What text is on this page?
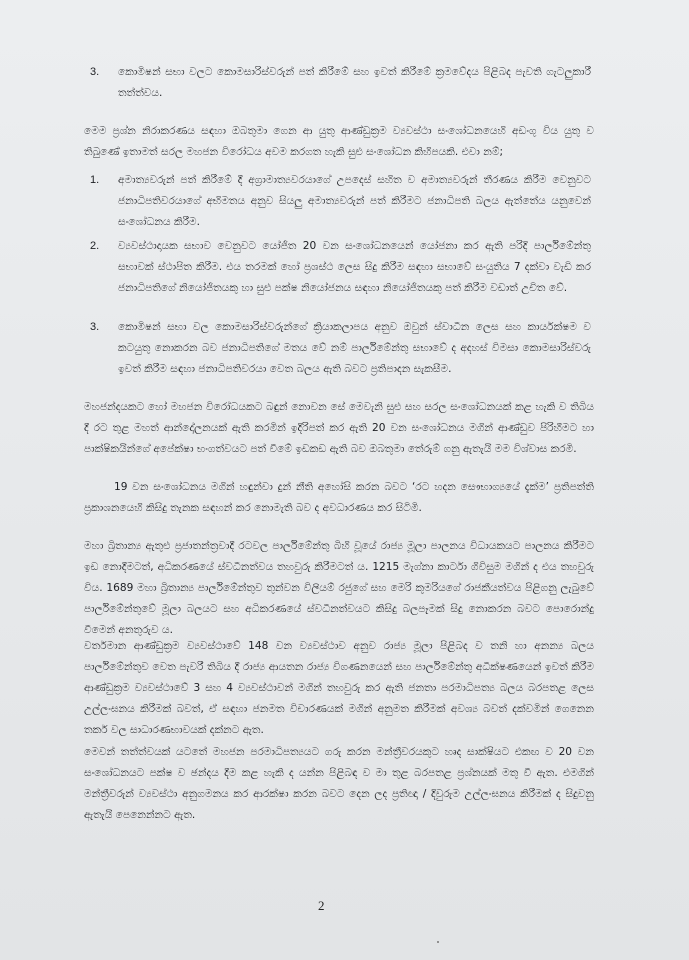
3. කොමිෂන් සභා වලට කොමසාරිස්වරුන් පත් කිරීමේ සහ ඉවත් කිරීමේ ක්‍රමවේදය පිළිබද පැවති ගැටලුකාරී තත්ත්වය.

මෙම ප්‍රශ්න නිරාකරණය සඳහා ඔබතුමා ගෙන ආ යුතු ආණ්ඩුක්‍රම ව්‍යවස්ථා සංශෝධනයෙහි අඩංගු විය යුතු ව තිබුණේ ඉතාමත් සරල මහජන විරෝධය අවම කරගත හැකි සුළු සංශෝධන කිහිපයකි. එවා නම්;

1. අමාත්‍යවරුන් පත් කිරීමේ දී අග්‍රාමාත්‍යවරයාගේ උපදෙස් සහිත ව අමාත්‍යවරුන් තීරණය කිරීම වෙනුවට ජනාධිපතිවරයාගේ අභිමතය අනුව සියලු අමාත්‍යවරුන් පත් කිරීමට ජනාධිපති බලය ඇත්තේය යනුවෙන් සංශෝධනය කිරීම.

2. ව්‍යවස්ථාදායක සභාව වෙනුවට යෝජිත 20 වන සංශෝධනයෙන් යෝජනා කර ඇති පරිදි පාර්ලිමේන්තු සභාවක් ස්ථාපිත කිරීම. එය තරමක් හෝ ප්‍රශස්ථ ලෙස සිදු කිරීම සඳහා සභාවේ සංයුතිය 7 දක්වා වැඩි කර ජනාධිපතිගේ නියෝජිතයකු හා සුළු පක්ෂ නියෝජනය සඳහා නියෝජිතයකු පත් කිරීම වඩාත් උචිත වේ.

3. කොමිෂන් සභා වල කොමසාරිස්වරුන්ගේ ක්‍රියාකලාපය අනුව ඔවුන් ස්වාධීන ලෙස සහ කාර්යක්ෂම ව කටයුතු නොකරන බව ජනාධිපතිගේ මතය වේ නම් පාර්ලිමේන්තු සභාවේ ද අදහස් විමසා කොමසාරිස්වරු ඉවත් කිරීම සඳහා ජනාධිපතිවරයා වෙත බලය ඇති බවට ප්‍රතිපාදන සැකසීම.

මහජන්දයකට හෝ මහජන විරෝධයකට බඳුන් නොවන සේ මෙවැනි සුළු සහ සරල සංශෝධනයක් කළ හැකි ව තිබිය දී රට තුළ මහත් ආන්දෝලනයක් ඇති කරමින් ඉදිරිපත් කර ඇති 20 වන සංශෝධනය මගින් ආණ්ඩුව පිරිහීමට හා පාක්ෂිකයින්ගේ අපේක්ෂා භංගත්වයට පත් වීමේ ඉඩකඩ ඇති බව ඔබතුමා තේරුම් ගනු ඇතැයි මම විශ්වාස කරමි.

19 වන සංශෝධනය මගින් හඳුන්වා දුන් නීති අහෝසි කරන බවට ‘රට හදන සෞභාග්‍යයේ දැක්ම’ ප්‍රතිපත්ති ප්‍රකාශනයෙහි කිසිදු තැනක සඳහන් කර නොමැති බව ද අවධාරණය කර සිටිමි.

මහා බ්‍රිතාන්‍ය ඇතුළු ප්‍රජාතන්ත්‍රවාදී රටවල පාර්ලිමේන්තු බිහි වූයේ රාජ්‍ය මූලා පාලනය විධායකයට පාලනය කිරීමට ඉඩ නොදීමටත්, අධිකරණයේ ස්වධීනත්වය තහවුරු කිරීමටත් ය. 1215 මැග්නා කාර්ටා ගිවිසුම මගින් ද එය තහවුරු විය. 1689 මහා බ්‍රිතාන්‍ය පාර්ලිමේන්තුව තුන්වන විලියම් රජුගේ සහ මෙරි කුමරියගේ රාජකීයත්වය පිළිගනු ලැබුවේ පාර්ලිමේන්තුවේ මූලා බලයට සහ අධිකරණයේ ස්වධීනත්වයට කිසිදු බලපෑමක් සිදු නොකරන බවට පොරොන්දු වීමෙන් අනතුරුව ය.

වර්තමාන ආණ්ඩුක්‍රම ව්‍යවස්ථාවේ 148 වන ව්‍යවස්ථාව අනුව රාජ්‍ය මූලා පිළිබද ව තනි හා අනන්‍ය බලය පාර්ලිමේන්තුව වෙත පැවරී තිබිය දී රාජ්‍ය ආයතන රාජ්‍ය විගණනයෙන් සහ පාර්ලිමේන්තු අධීක්ෂණයෙන් ඉවත් කිරීම ආණ්ඩුක්‍රම ව්‍යවස්ථාවේ 3 සහ 4 ව්‍යවස්ථාවන් මගින් තහවුරු කර ඇති ජනතා පරමාධිපත්‍ය බලය බරපතළ ලෙස උල්ලංඝනය කිරීමක් බවත්, ඒ සඳහා ජනමත විචාරණයක් මගින් අනුමත කිරීමක් අවශ්‍ය බවත් දක්වමින් ගෙනෙන තර්ක වල සාධාරණභාවයක් දක්නට ඇත.

මෙවන් තත්ත්වයක් යටතේ මහජන පරමාධිපත්‍යයට ගරු කරන මන්ත්‍රීවරයකුට හෘද සාක්ෂියට එකඟ ව 20 වන සංශෝධනයට පක්ෂ ව ඡන්දය දීම කළ හැකි ද යන්න පිළිබඳ ව මා තුළ බරපතළ ප්‍රශ්නයක් මතු වී ඇත. එමගින් මන්ත්‍රීවරුන් ව්‍යවස්ථා අනුගමනය කර ආරක්ෂා කරන බවට දෙන ලද ප්‍රතිඥා / දිවුරුම උල්ලංඝනය කිරීමක් ද සිදුවනු ඇතැයි පෙනෙන්නට ඇත.

2
